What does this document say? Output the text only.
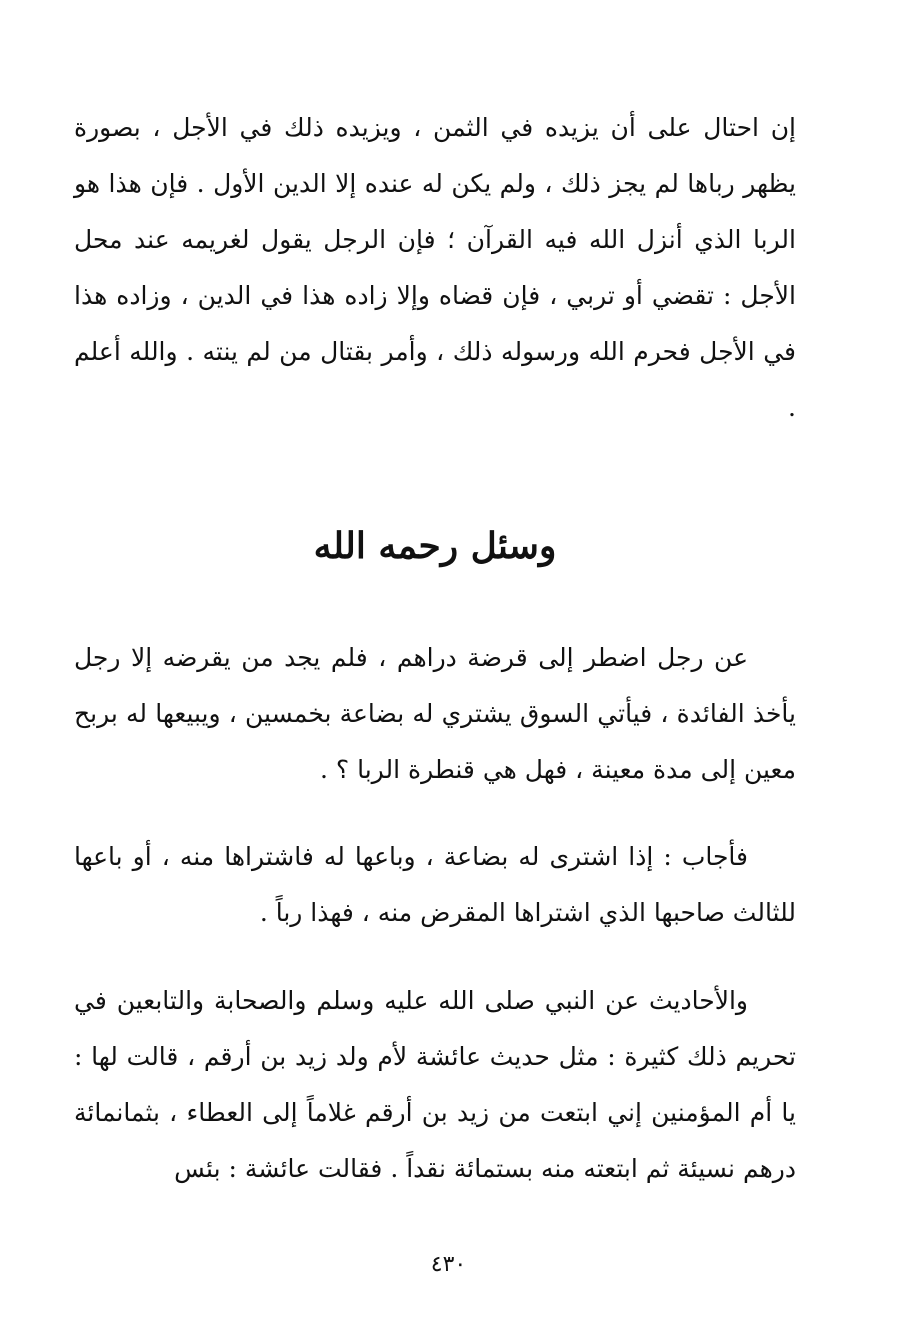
إن احتال على أن يزيده في الثمن ، ويزيده ذلك في الأجل ، بصورة يظهر رباها لم يجز ذلك ، ولم يكن له عنده إلا الدين الأول . فإن هذا هو الربا الذي أنزل الله فيه القرآن ؛ فإن الرجل يقول لغريمه عند محل الأجل : تقضي أو تربي ، فإن قضاه وإلا زاده هذا في الدين ، وزاده هذا في الأجل فحرم الله ورسوله ذلك ، وأمر بقتال من لم ينته . والله أعلم .

وسئل رحمه الله

عن رجل اضطر إلى قرضة دراهم ، فلم يجد من يقرضه إلا رجل يأخذ الفائدة ، فيأتي السوق يشتري له بضاعة بخمسين ، ويبيعها له بربح معين إلى مدة معينة ، فهل هي قنطرة الربا ؟ .

فأجاب : إذا اشترى له بضاعة ، وباعها له فاشتراها منه ، أو باعها للثالث صاحبها الذي اشتراها المقرض منه ، فهذا رباً .

والأحاديث عن النبي صلى الله عليه وسلم والصحابة والتابعين في تحريم ذلك كثيرة : مثل حديث عائشة لأم ولد زيد بن أرقم ، قالت لها : يا أم المؤمنين إني ابتعت من زيد بن أرقم غلاماً إلى العطاء ، بثمانمائة درهم نسيئة ثم ابتعته منه بستمائة نقداً . فقالت عائشة : بئس

٤٣٠
